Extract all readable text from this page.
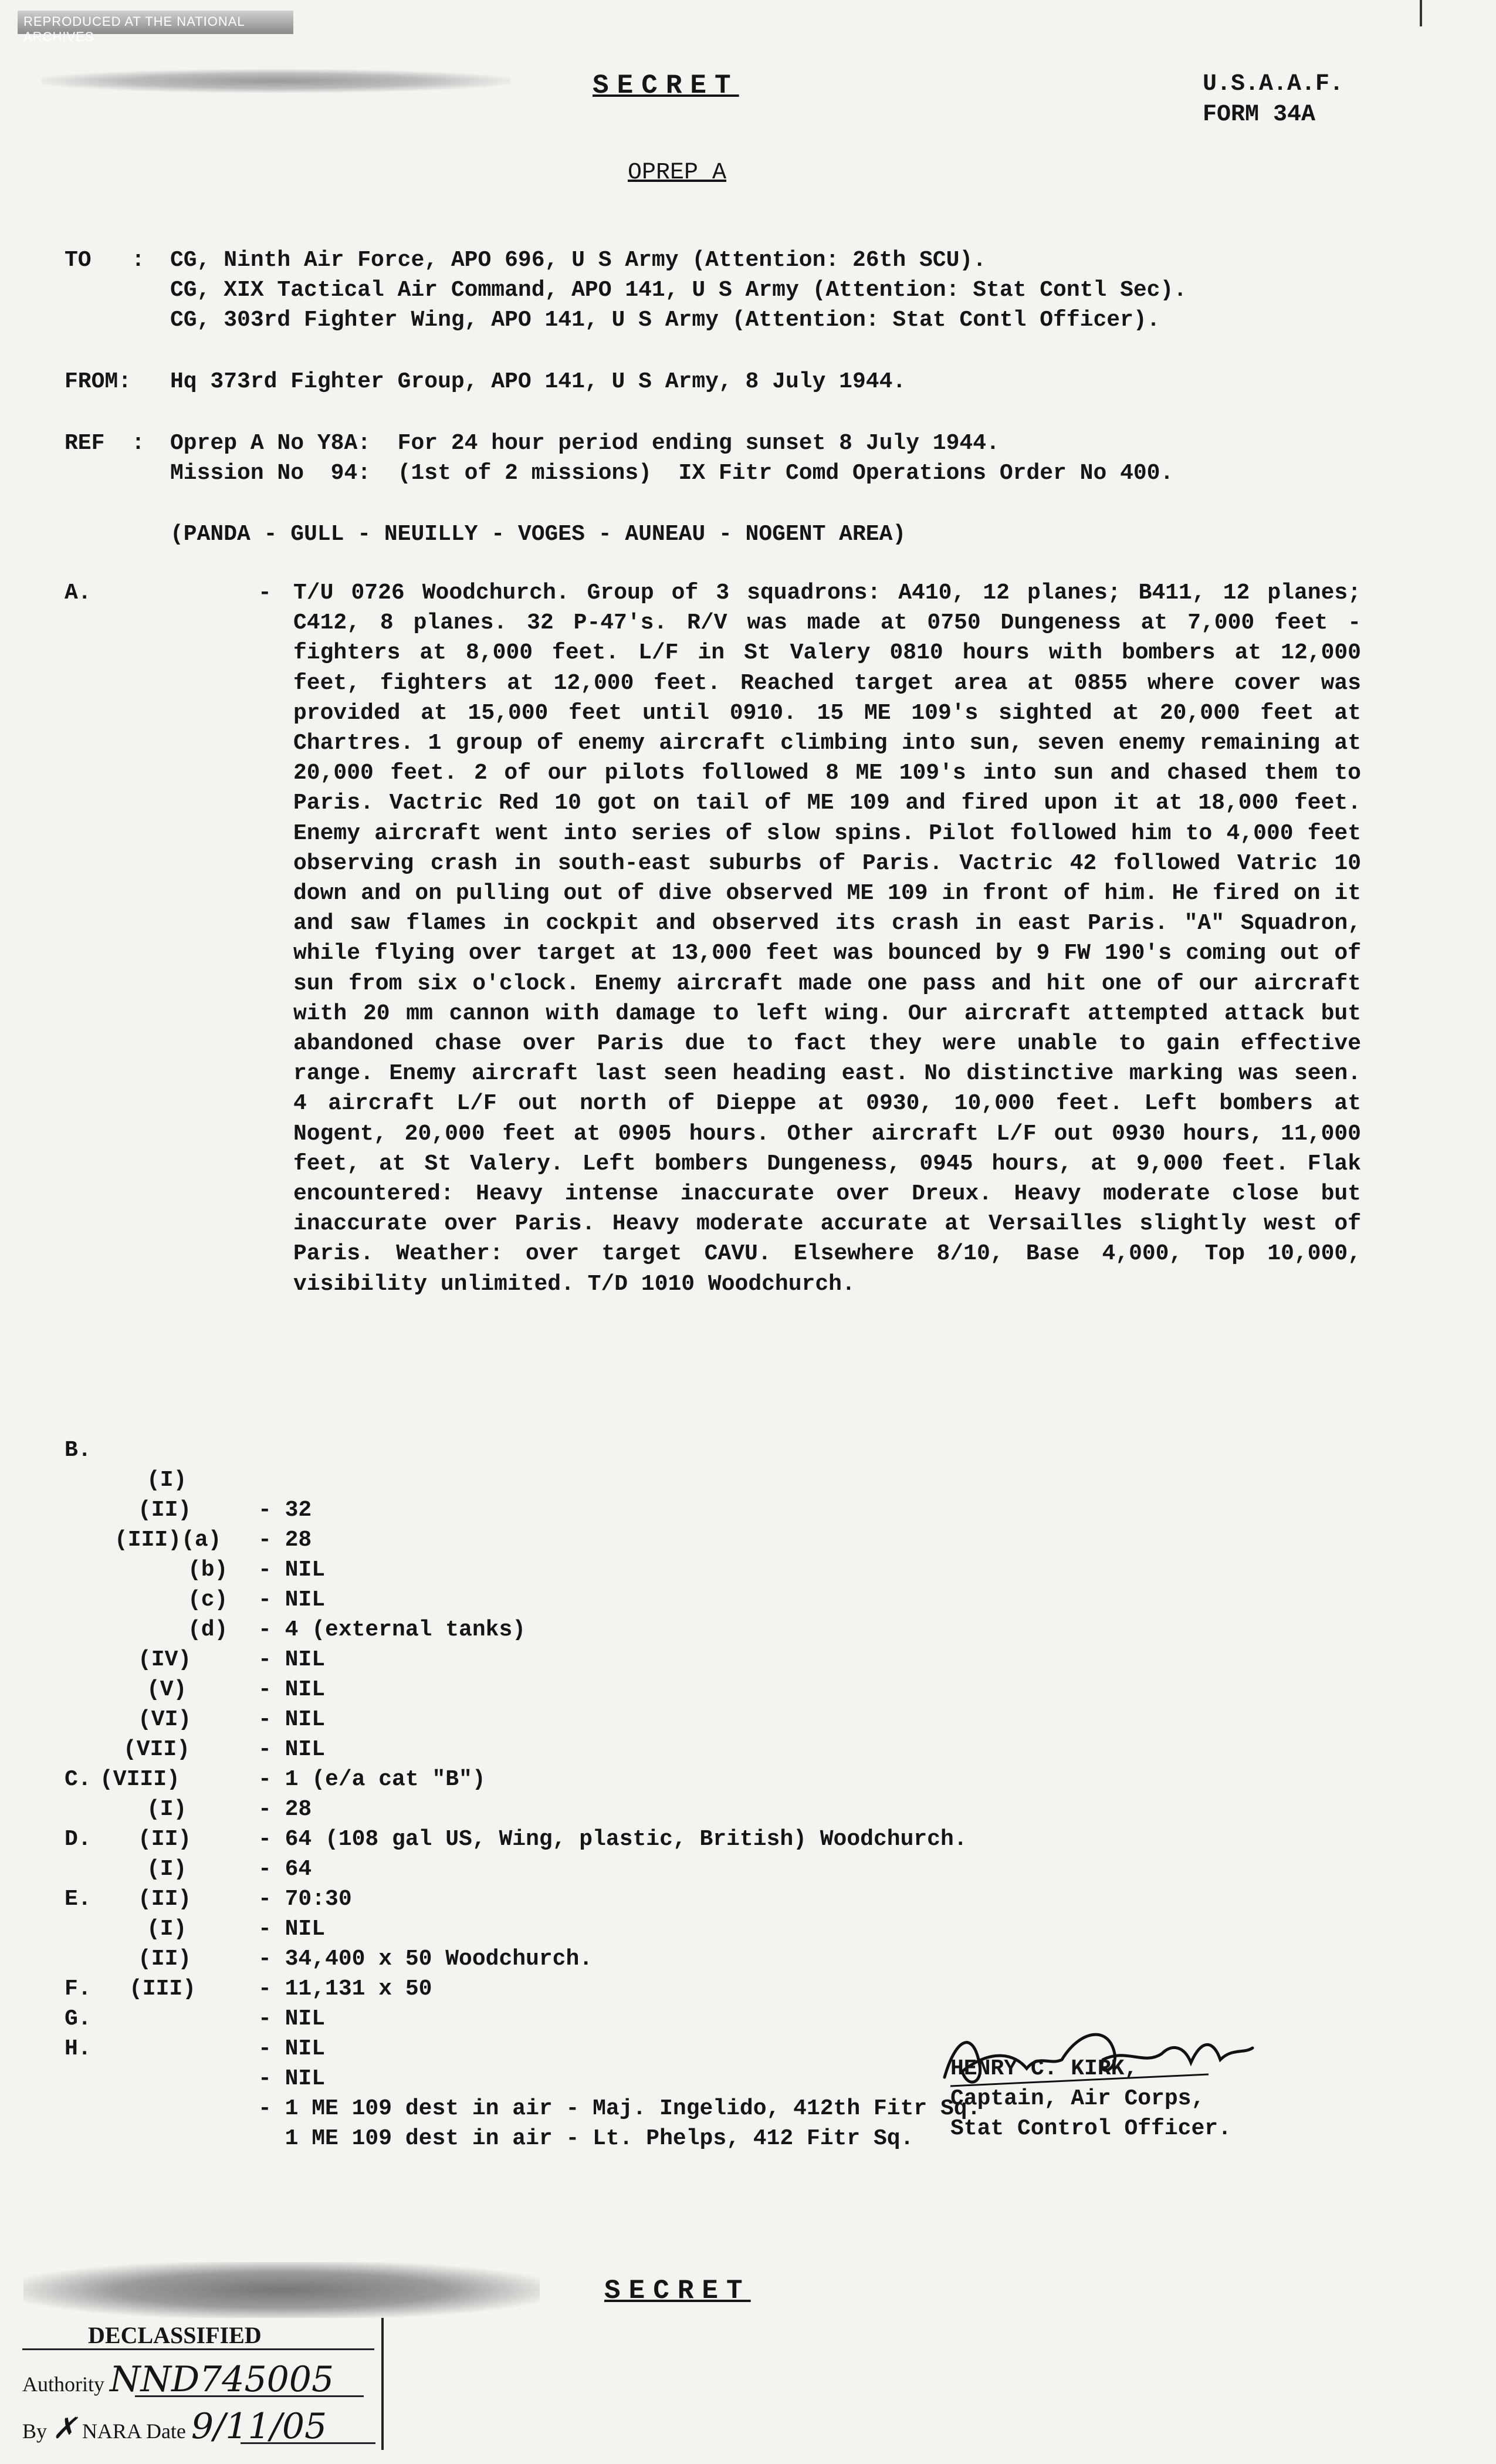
REPRODUCED AT THE NATIONAL ARCHIVES
SECRET	U.S.A.A.F.
FORM 34A
OPREP A
TO   : CG, Ninth Air Force, APO 696, U S Army (Attention: 26th SCU).
CG, XIX Tactical Air Command, APO 141, U S Army (Attention: Stat Contl Sec).
CG, 303rd Fighter Wing, APO 141, U S Army (Attention: Stat Contl Officer).
FROM: Hq 373rd Fighter Group, APO 141, U S Army, 8 July 1944.
REF  : Oprep A No Y8A:  For 24 hour period ending sunset 8 July 1944.
Mission No  94:  (1st of 2 missions)  IX Fitr Comd Operations Order No 400.
(PANDA - GULL - NEUILLY - VOGES - AUNEAU - NOGENT AREA)
A.	- T/U 0726 Woodchurch. Group of 3 squadrons: A410, 12 planes; B411, 12 planes; C412, 8 planes. 32 P-47's. R/V was made at 0750 Dungeness at 7,000 feet - fighters at 8,000 feet. L/F in St Valery 0810 hours with bombers at 12,000 feet, fighters at 12,000 feet. Reached target area at 0855 where cover was provided at 15,000 feet until 0910. 15 ME 109's sighted at 20,000 feet at Chartres. 1 group of enemy aircraft climbing into sun, seven enemy remaining at 20,000 feet. 2 of our pilots followed 8 ME 109's into sun and chased them to Paris. Vactric Red 10 got on tail of ME 109 and fired upon it at 18,000 feet. Enemy aircraft went into series of slow spins. Pilot followed him to 4,000 feet observing crash in south-east suburbs of Paris. Vactric 42 followed Vatric 10 down and on pulling out of dive observed ME 109 in front of him. He fired on it and saw flames in cockpit and observed its crash in east Paris. "A" Squadron, while flying over target at 13,000 feet was bounced by 9 FW 190's coming out of sun from six o'clock. Enemy aircraft made one pass and hit one of our aircraft with 20 mm cannon with damage to left wing. Our aircraft attempted attack but abandoned chase over Paris due to fact they were unable to gain effective range. Enemy aircraft last seen heading east. No distinctive marking was seen. 4 aircraft L/F out north of Dieppe at 0930, 10,000 feet. Left bombers at Nogent, 20,000 feet at 0905 hours. Other aircraft L/F out 0930 hours, 11,000 feet, at St Valery. Left bombers Dungeness, 0945 hours, at 9,000 feet. Flak encountered: Heavy intense inaccurate over Dreux. Heavy moderate close but inaccurate over Paris. Heavy moderate accurate at Versailles slightly west of Paris. Weather: over target CAVU. Elsewhere 8/10, Base 4,000, Top 10,000, visibility unlimited. T/D 1010 Woodchurch.

B.

(I)

- 32

(II)

- 28

(III)(a)

- NIL

(b)

- NIL

(c)

- 4 (external tanks)

(d)

- NIL

(IV)

- NIL

(V)

- NIL

(VI)

- NIL

(VII)

- 1 (e/a cat "B")

(VIII)

- 28

C.

(I)

- 64 (108 gal US, Wing, plastic, British) Woodchurch.

(II)

- 64

D.

(I)

- 70:30

(II)

- NIL

E.

(I)

- 34,400 x 50 Woodchurch.

(II)

- 11,131 x 50

(III)

- NIL

F.

- NIL

G.

- NIL

H.

- 1 ME 109 dest in air - Maj. Ingelido, 412th Fitr Sq.

1 ME 109 dest in air - Lt. Phelps, 412 Fitr Sq.

HENRY C. KIRK,
Captain, Air Corps,
Stat Control Officer.
SECRET
DECLASSIFIED
Authority NND745005
By ✗ NARA Date 9/11/05
